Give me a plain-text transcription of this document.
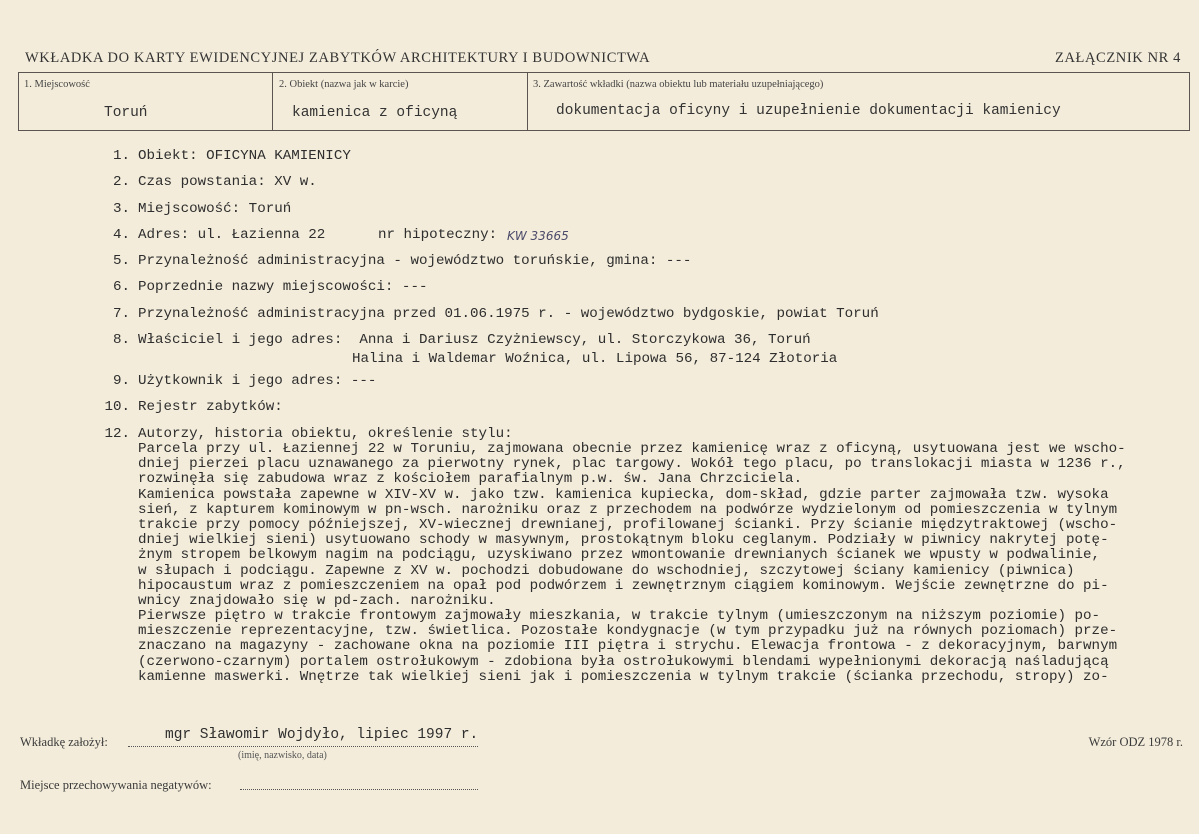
WKŁADKA DO KARTY EWIDENCYJNEJ ZABYTKÓW ARCHITEKTURY I BUDOWNICTWA	ZAŁĄCZNIK NR 4
1. Miejscowość
Toruń
2. Obiekt (nazwa jak w karcie)
kamienica z oficyną
3. Zawartość wkładki (nazwa obiektu lub materiału uzupełniającego)
dokumentacja oficyny i uzupełnienie dokumentacji kamienicy
1. Obiekt: OFICYNA KAMIENICY
2. Czas powstania: XV w.
3. Miejscowość: Toruń
4. Adres: ul. Łazienna 22	nr hipoteczny: KW 33665
5. Przynależność administracyjna - województwo toruńskie, gmina: ---
6. Poprzednie nazwy miejscowości: ---
7. Przynależność administracyjna przed 01.06.1975 r. - województwo bydgoskie, powiat Toruń
8. Właściciel i jego adres:  Anna i Dariusz Czyżniewscy, ul. Storczykowa 36, Toruń
Halina i Waldemar Woźnica, ul. Lipowa 56, 87-124 Złotoria
9. Użytkownik i jego adres: ---
10. Rejestr zabytków:
12. Autorzy, historia obiektu, określenie stylu:
Parcela przy ul. Łaziennej 22 w Toruniu, zajmowana obecnie przez kamienicę wraz z oficyną, usytuowana jest we wscho-
dniej pierzei placu uznawanego za pierwotny rynek, plac targowy. Wokół tego placu, po translokacji miasta w 1236 r.,
rozwinęła się zabudowa wraz z kościołem parafialnym p.w. św. Jana Chrzciciela.
Kamienica powstała zapewne w XIV-XV w. jako tzw. kamienica kupiecka, dom-skład, gdzie parter zajmowała tzw. wysoka
sień, z kapturem kominowym w pn-wsch. narożniku oraz z przechodem na podwórze wydzielonym od pomieszczenia w tylnym
trakcie przy pomocy późniejszej, XV-wiecznej drewnianej, profilowanej ścianki. Przy ścianie międzytraktowej (wscho-
dniej wielkiej sieni) usytuowano schody w masywnym, prostokątnym bloku ceglanym. Podziały w piwnicy nakrytej potę-
żnym stropem belkowym nagim na podciągu, uzyskiwano przez wmontowanie drewnianych ścianek we wpusty w podwalinie,
w słupach i podciągu. Zapewne z XV w. pochodzi dobudowane do wschodniej, szczytowej ściany kamienicy (piwnica)
hipocaustum wraz z pomieszczeniem na opał pod podwórzem i zewnętrznym ciągiem kominowym. Wejście zewnętrzne do pi-
wnicy znajdowało się w pd-zach. narożniku.
Pierwsze piętro w trakcie frontowym zajmowały mieszkania, w trakcie tylnym (umieszczonym na niższym poziomie) po-
mieszczenie reprezentacyjne, tzw. świetlica. Pozostałe kondygnacje (w tym przypadku już na równych poziomach) prze-
znaczano na magazyny - zachowane okna na poziomie III piętra i strychu. Elewacja frontowa - z dekoracyjnym, barwnym
(czerwono-czarnym) portalem ostrołukowym - zdobiona była ostrołukowymi blendami wypełnionymi dekoracją naśladującą
kamienne maswerki. Wnętrze tak wielkiej sieni jak i pomieszczenia w tylnym trakcie (ścianka przechodu, stropy) zo-
Wkładkę założył:	mgr Sławomir Wojdyło, lipiec 1997 r.
(imię, nazwisko, data)
Wzór ODZ 1978 r.
Miejsce przechowywania negatywów:
